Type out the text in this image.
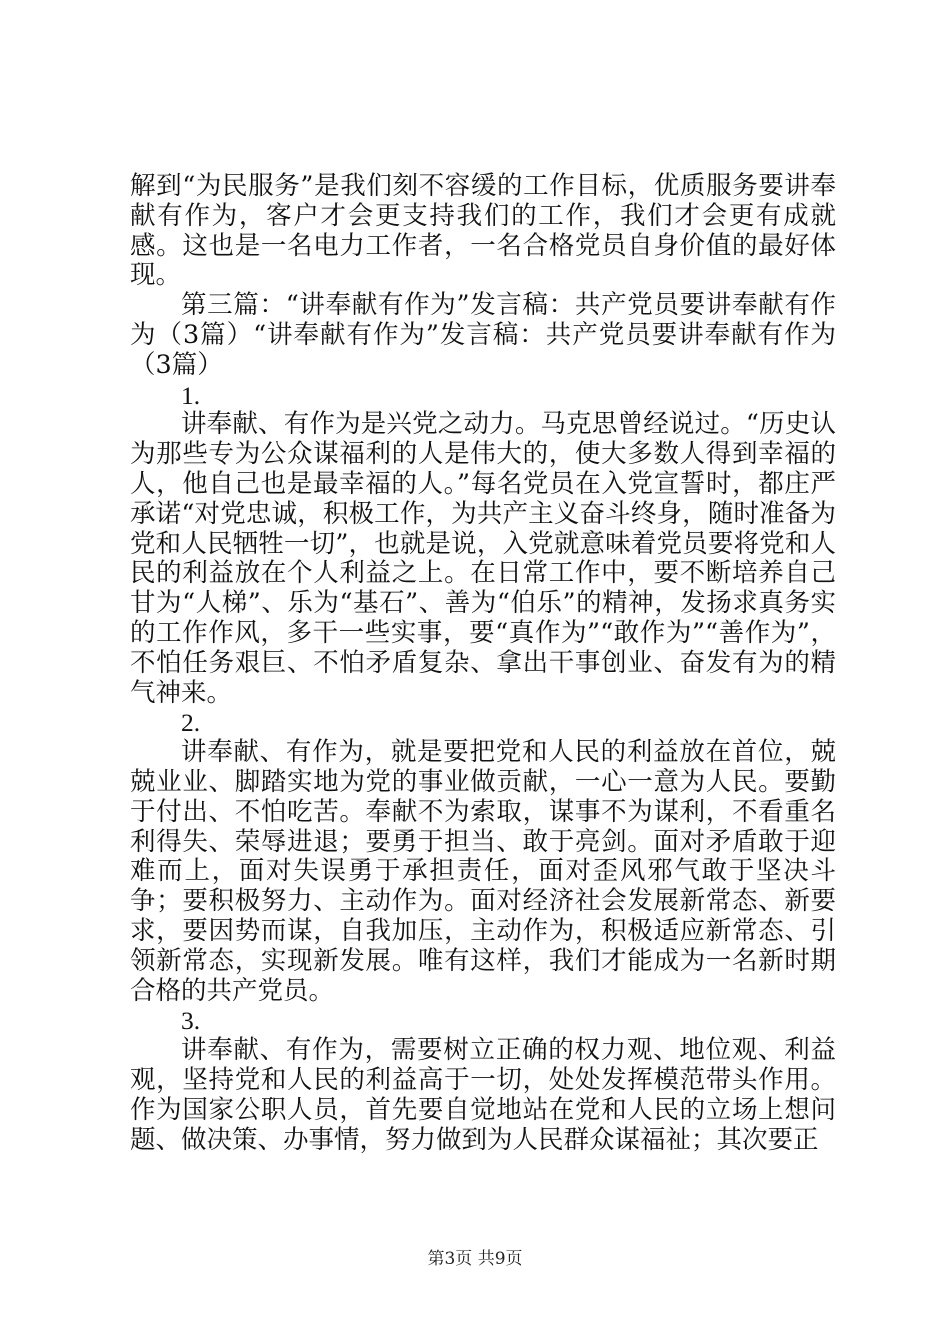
解到“为民服务”是我们刻不容缓的工作目标，优质服务要讲奉献有作为，客户才会更支持我们的工作，我们才会更有成就感。这也是一名电力工作者，一名合格党员自身价值的最好体现。

第三篇：“讲奉献有作为”发言稿：共产党员要讲奉献有作为（3篇）“讲奉献有作为”发言稿：共产党员要讲奉献有作为（3篇）

1.

讲奉献、有作为是兴党之动力。马克思曾经说过。“历史认为那些专为公众谋福利的人是伟大的，使大多数人得到幸福的人，他自己也是最幸福的人。”每名党员在入党宣誓时，都庄严承诺“对党忠诚，积极工作，为共产主义奋斗终身，随时准备为党和人民牺牲一切”，也就是说，入党就意味着党员要将党和人民的利益放在个人利益之上。在日常工作中，要不断培养自己甘为“人梯”、乐为“基石”、善为“伯乐”的精神，发扬求真务实的工作作风，多干一些实事，要“真作为”“敢作为”“善作为”，不怕任务艰巨、不怕矛盾复杂、拿出干事创业、奋发有为的精气神来。

2.

讲奉献、有作为，就是要把党和人民的利益放在首位，兢兢业业、脚踏实地为党的事业做贡献，一心一意为人民。要勤于付出、不怕吃苦。奉献不为索取，谋事不为谋利，不看重名利得失、荣辱进退；要勇于担当、敢于亮剑。面对矛盾敢于迎难而上，面对失误勇于承担责任，面对歪风邪气敢于坚决斗争；要积极努力、主动作为。面对经济社会发展新常态、新要求，要因势而谋，自我加压，主动作为，积极适应新常态、引领新常态，实现新发展。唯有这样，我们才能成为一名新时期合格的共产党员。

3.

讲奉献、有作为，需要树立正确的权力观、地位观、利益观，坚持党和人民的利益高于一切，处处发挥模范带头作用。作为国家公职人员，首先要自觉地站在党和人民的立场上想问题、做决策、办事情，努力做到为人民群众谋福祉；其次要正

第3页 共9页
